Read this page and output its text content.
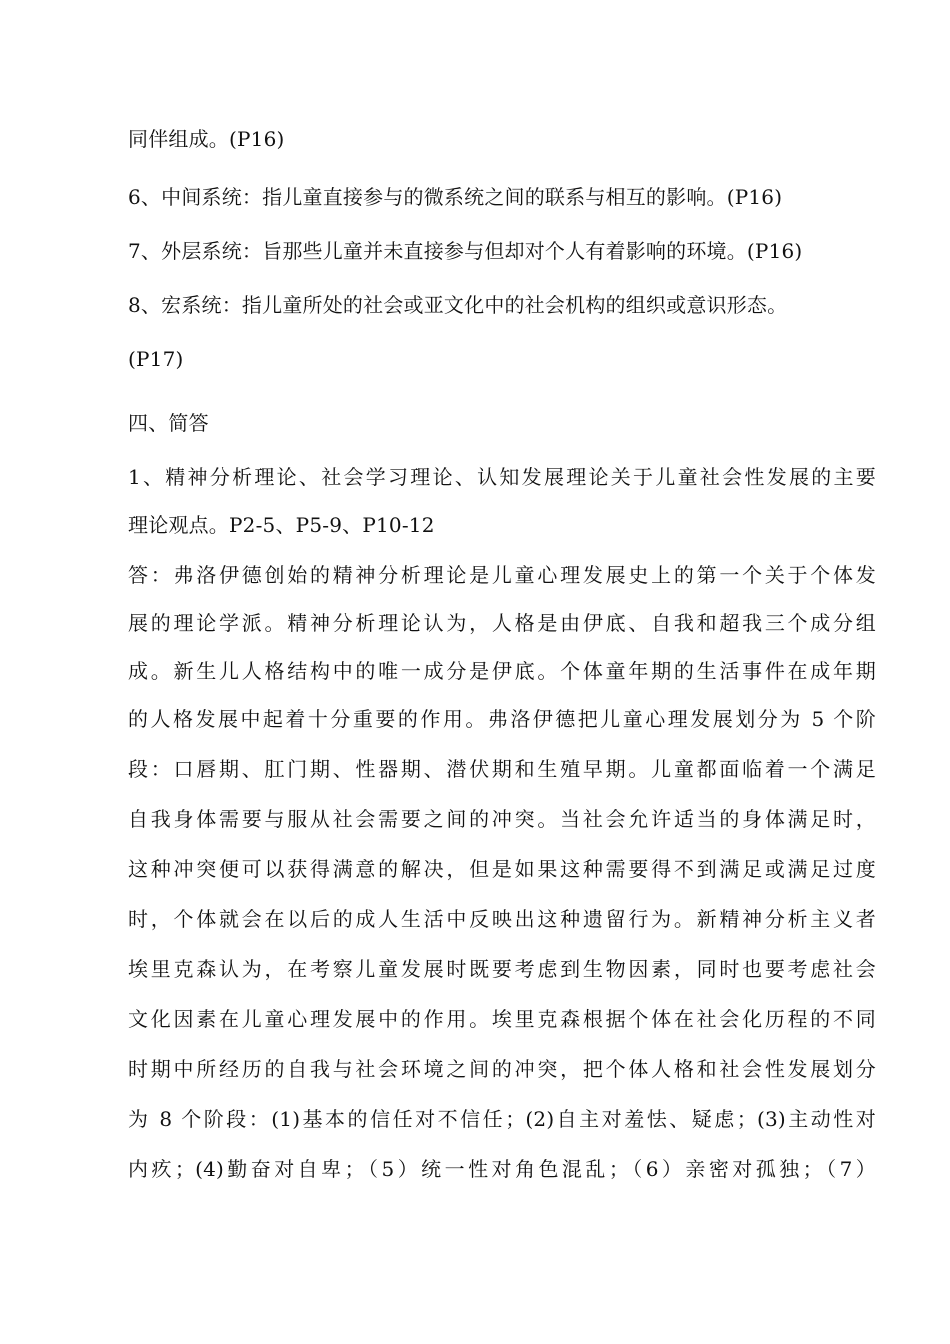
同伴组成。(P16)
6、中间系统：指儿童直接参与的微系统之间的联系与相互的影响。(P16)
7、外层系统：旨那些儿童并未直接参与但却对个人有着影响的环境。(P16)
8、宏系统：指儿童所处的社会或亚文化中的社会机构的组织或意识形态。
(P17)
四、简答
1、精神分析理论、社会学习理论、认知发展理论关于儿童社会性发展的主要
理论观点。P2-5、P5-9、P10-12
答：弗洛伊德创始的精神分析理论是儿童心理发展史上的第一个关于个体发
展的理论学派。精神分析理论认为，人格是由伊底、自我和超我三个成分组
成。新生儿人格结构中的唯一成分是伊底。个体童年期的生活事件在成年期
的人格发展中起着十分重要的作用。弗洛伊德把儿童心理发展划分为 5 个阶
段：口唇期、肛门期、性器期、潜伏期和生殖早期。儿童都面临着一个满足
自我身体需要与服从社会需要之间的冲突。当社会允许适当的身体满足时，
这种冲突便可以获得满意的解决，但是如果这种需要得不到满足或满足过度
时，个体就会在以后的成人生活中反映出这种遗留行为。新精神分析主义者
埃里克森认为，在考察儿童发展时既要考虑到生物因素，同时也要考虑社会
文化因素在儿童心理发展中的作用。埃里克森根据个体在社会化历程的不同
时期中所经历的自我与社会环境之间的冲突，把个体人格和社会性发展划分
为 8 个阶段：(1)基本的信任对不信任；(2)自主对羞怯、疑虑；(3)主动性对
内疚；(4)勤奋对自卑；（5）统一性对角色混乱；（6）亲密对孤独；（7）
